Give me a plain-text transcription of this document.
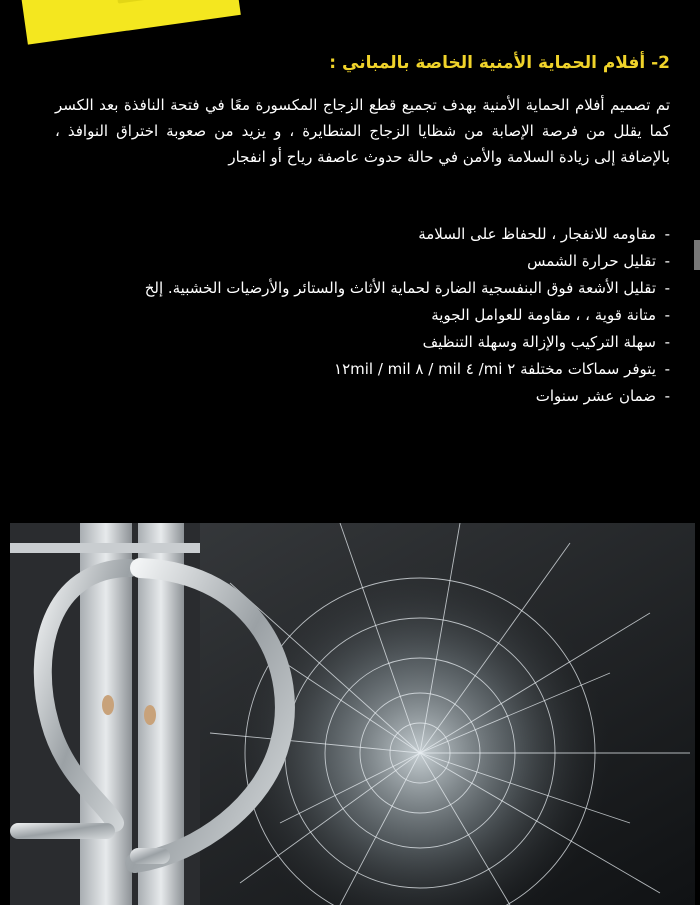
2- أفلام الحماية الأمنية الخاصة بالمباني :

تم تصميم أفلام الحماية الأمنية بهدف تجميع قطع الزجاج المكسورة معًا في فتحة النافذة بعد الكسر كما يقلل من فرصة الإصابة من شظايا الزجاج المتطايرة ، و يزيد من صعوبة اختراق النوافذ ، بالإضافة إلى زيادة السلامة والأمن في حالة حدوث عاصفة رياح أو انفجار

- مقاومه للانفجار ، للحفاظ على السلامة
- تقليل حرارة الشمس
- تقليل الأشعة فوق البنفسجية الضارة لحماية الأثاث والستائر والأرضيات الخشبية. إلخ
- متانة قوية ، ، مقاومة للعوامل الجوية
- سهلة التركيب والإزالة وسهلة التنظيف
- يتوفر سماكات مختلفة ٢ mi/ ٤ mil / ٨ mil / ١٢mil
- ضمان عشر سنوات
